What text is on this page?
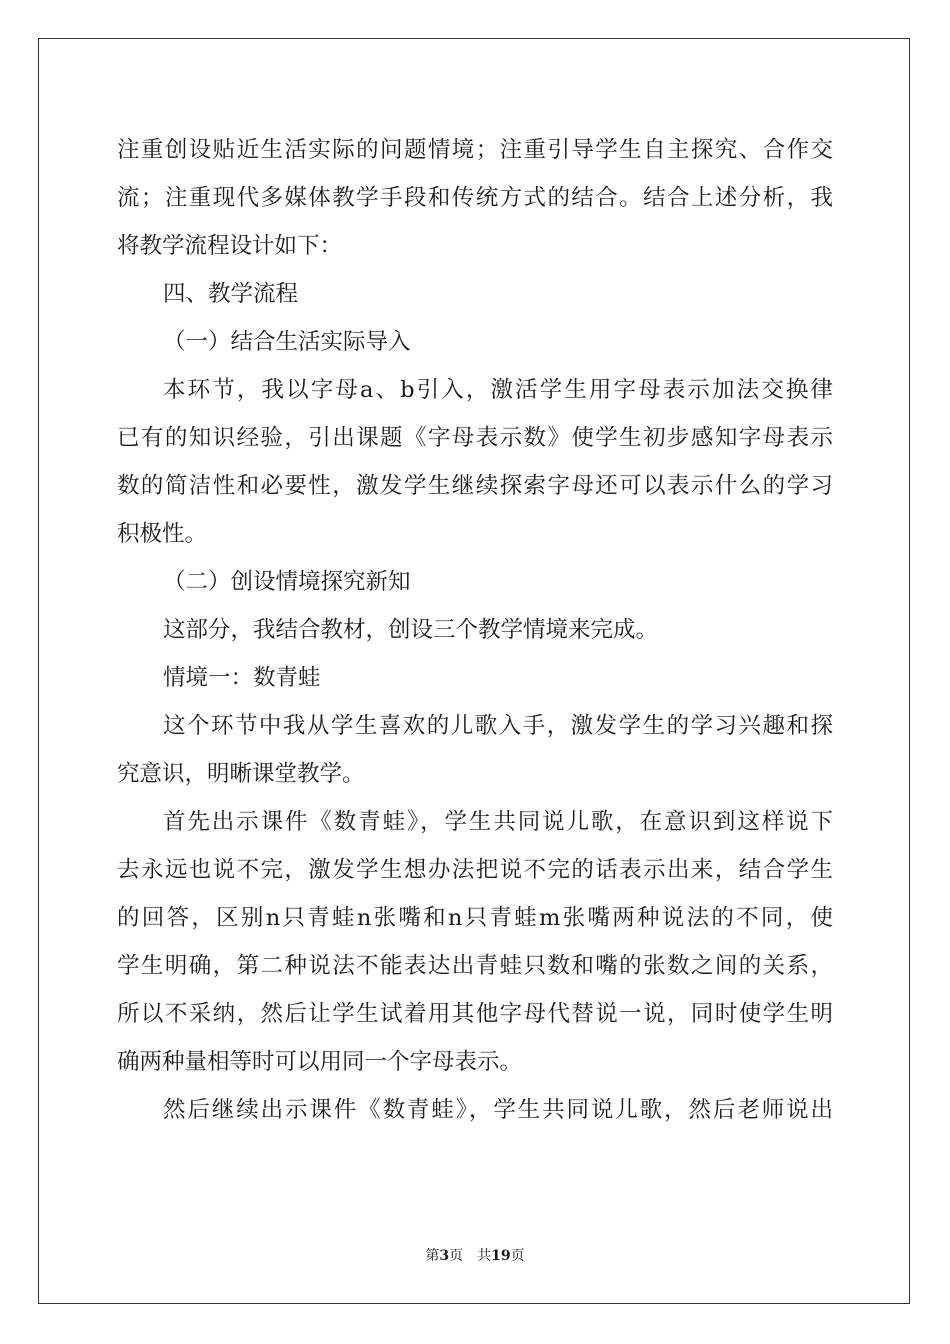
注重创设贴近生活实际的问题情境；注重引导学生自主探究、合作交
流；注重现代多媒体教学手段和传统方式的结合。结合上述分析，我
将教学流程设计如下：
四、教学流程
（一）结合生活实际导入
本环节，我以字母a、b引入，激活学生用字母表示加法交换律
已有的知识经验，引出课题《字母表示数》使学生初步感知字母表示
数的简洁性和必要性，激发学生继续探索字母还可以表示什么的学习
积极性。
（二）创设情境探究新知
这部分，我结合教材，创设三个教学情境来完成。
情境一：数青蛙
这个环节中我从学生喜欢的儿歌入手，激发学生的学习兴趣和探
究意识，明晰课堂教学。
首先出示课件《数青蛙》，学生共同说儿歌，在意识到这样说下
去永远也说不完，激发学生想办法把说不完的话表示出来，结合学生
的回答，区别n只青蛙n张嘴和n只青蛙m张嘴两种说法的不同，使
学生明确，第二种说法不能表达出青蛙只数和嘴的张数之间的关系，
所以不采纳，然后让学生试着用其他字母代替说一说，同时使学生明
确两种量相等时可以用同一个字母表示。
然后继续出示课件《数青蛙》，学生共同说儿歌，然后老师说出
第3页　共19页
